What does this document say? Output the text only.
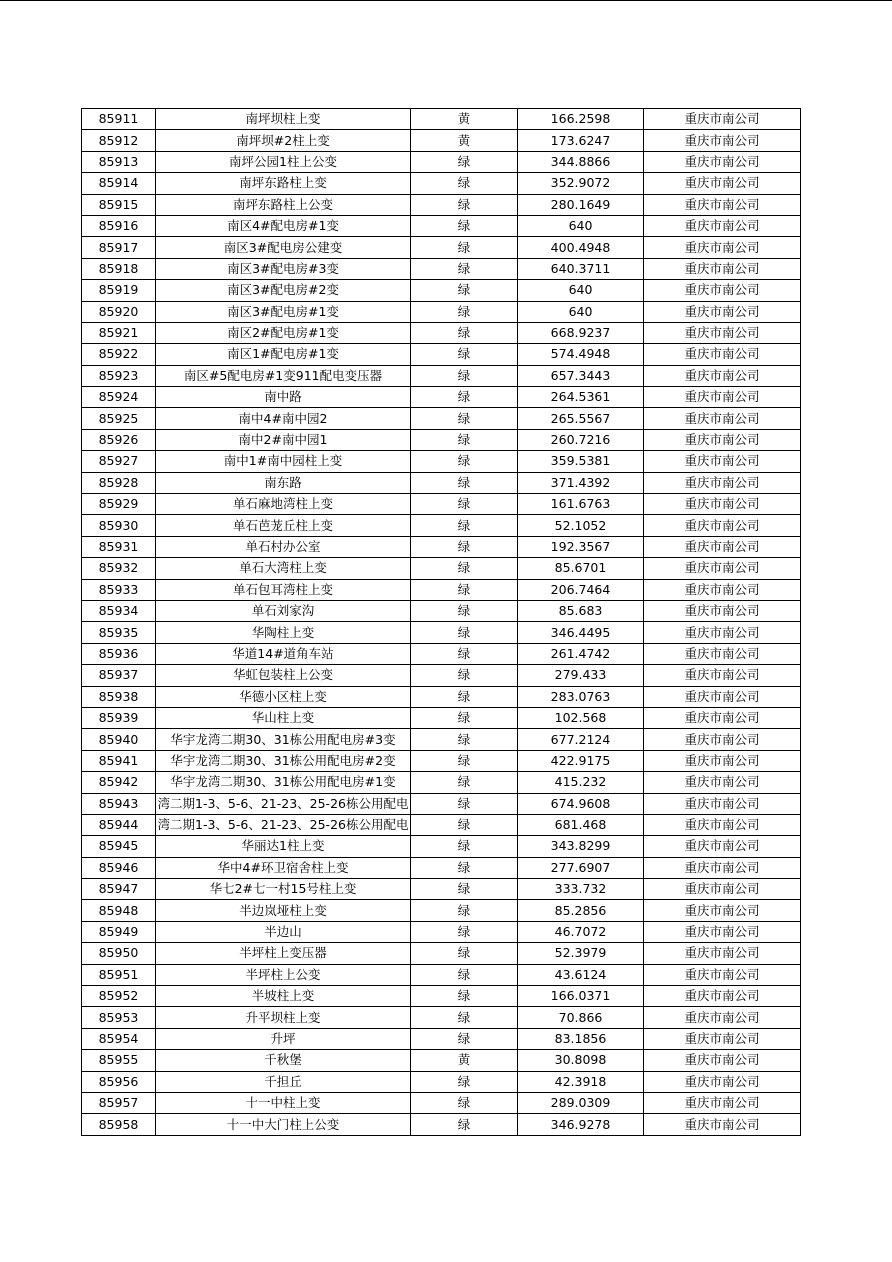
85911	南坪坝柱上变	黄	166.2598	重庆市南公司
85912	南坪坝#2柱上变	黄	173.6247	重庆市南公司
85913	南坪公园1柱上公变	绿	344.8866	重庆市南公司
85914	南坪东路柱上变	绿	352.9072	重庆市南公司
85915	南坪东路柱上公变	绿	280.1649	重庆市南公司
85916	南区4#配电房#1变	绿	640	重庆市南公司
85917	南区3#配电房公建变	绿	400.4948	重庆市南公司
85918	南区3#配电房#3变	绿	640.3711	重庆市南公司
85919	南区3#配电房#2变	绿	640	重庆市南公司
85920	南区3#配电房#1变	绿	640	重庆市南公司
85921	南区2#配电房#1变	绿	668.9237	重庆市南公司
85922	南区1#配电房#1变	绿	574.4948	重庆市南公司
85923	南区#5配电房#1变911配电变压器	绿	657.3443	重庆市南公司
85924	南中路	绿	264.5361	重庆市南公司
85925	南中4#南中园2	绿	265.5567	重庆市南公司
85926	南中2#南中园1	绿	260.7216	重庆市南公司
85927	南中1#南中园柱上变	绿	359.5381	重庆市南公司
85928	南东路	绿	371.4392	重庆市南公司
85929	单石麻地湾柱上变	绿	161.6763	重庆市南公司
85930	单石芭茏丘柱上变	绿	52.1052	重庆市南公司
85931	单石村办公室	绿	192.3567	重庆市南公司
85932	单石大湾柱上变	绿	85.6701	重庆市南公司
85933	单石包耳湾柱上变	绿	206.7464	重庆市南公司
85934	单石刘家沟	绿	85.683	重庆市南公司
85935	华陶柱上变	绿	346.4495	重庆市南公司
85936	华道14#道角车站	绿	261.4742	重庆市南公司
85937	华虹包装柱上公变	绿	279.433	重庆市南公司
85938	华德小区柱上变	绿	283.0763	重庆市南公司
85939	华山柱上变	绿	102.568	重庆市南公司
85940	华宇龙湾二期30、31栋公用配电房#3变	绿	677.2124	重庆市南公司
85941	华宇龙湾二期30、31栋公用配电房#2变	绿	422.9175	重庆市南公司
85942	华宇龙湾二期30、31栋公用配电房#1变	绿	415.232	重庆市南公司
85943	湾二期1-3、5-6、21-23、25-26栋公用配电	绿	674.9608	重庆市南公司
85944	湾二期1-3、5-6、21-23、25-26栋公用配电	绿	681.468	重庆市南公司
85945	华丽达1柱上变	绿	343.8299	重庆市南公司
85946	华中4#环卫宿舍柱上变	绿	277.6907	重庆市南公司
85947	华七2#七一村15号柱上变	绿	333.732	重庆市南公司
85948	半边岚垭柱上变	绿	85.2856	重庆市南公司
85949	半边山	绿	46.7072	重庆市南公司
85950	半坪柱上变压器	绿	52.3979	重庆市南公司
85951	半坪柱上公变	绿	43.6124	重庆市南公司
85952	半坡柱上变	绿	166.0371	重庆市南公司
85953	升平坝柱上变	绿	70.866	重庆市南公司
85954	升坪	绿	83.1856	重庆市南公司
85955	千秋堡	黄	30.8098	重庆市南公司
85956	千担丘	绿	42.3918	重庆市南公司
85957	十一中柱上变	绿	289.0309	重庆市南公司
85958	十一中大门柱上公变	绿	346.9278	重庆市南公司
